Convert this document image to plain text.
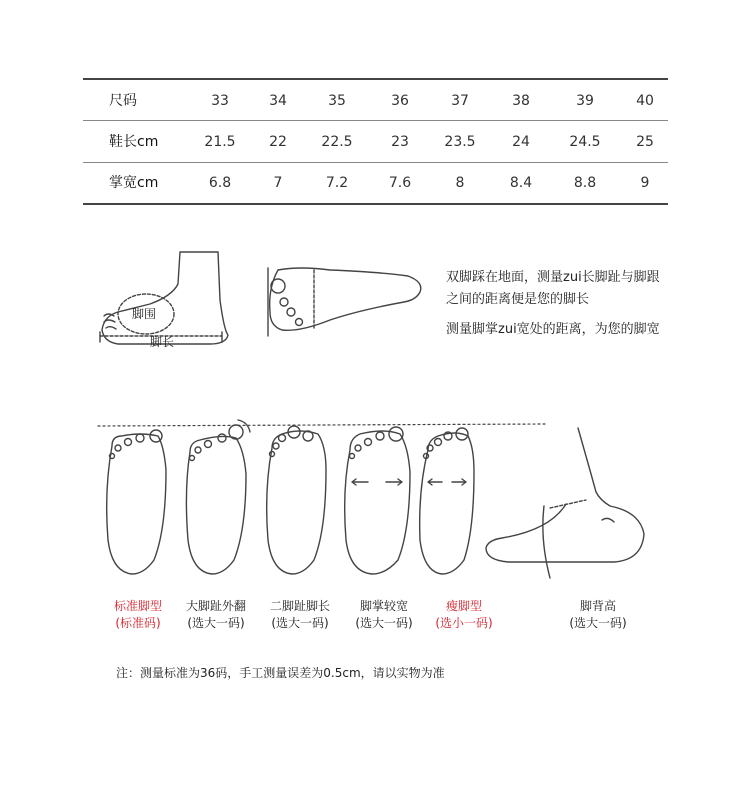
尺码	33	34	35	36	37	38	39	40
鞋长cm	21.5	22	22.5	23	23.5	24	24.5	25
掌宽cm	6.8	7	7.2	7.6	8	8.4	8.8	9
脚围
脚长
双脚踩在地面，测量zui长脚趾与脚跟
之间的距离便是您的脚长
测量脚掌zui宽处的距离，为您的脚宽
标准脚型
(标准码)
大脚趾外翻
(选大一码)
二脚趾脚长
(选大一码)
脚掌较宽
(选大一码)
瘦脚型
(选小一码)
脚背高
(选大一码)
注：测量标准为36码，手工测量误差为0.5cm，请以实物为准
